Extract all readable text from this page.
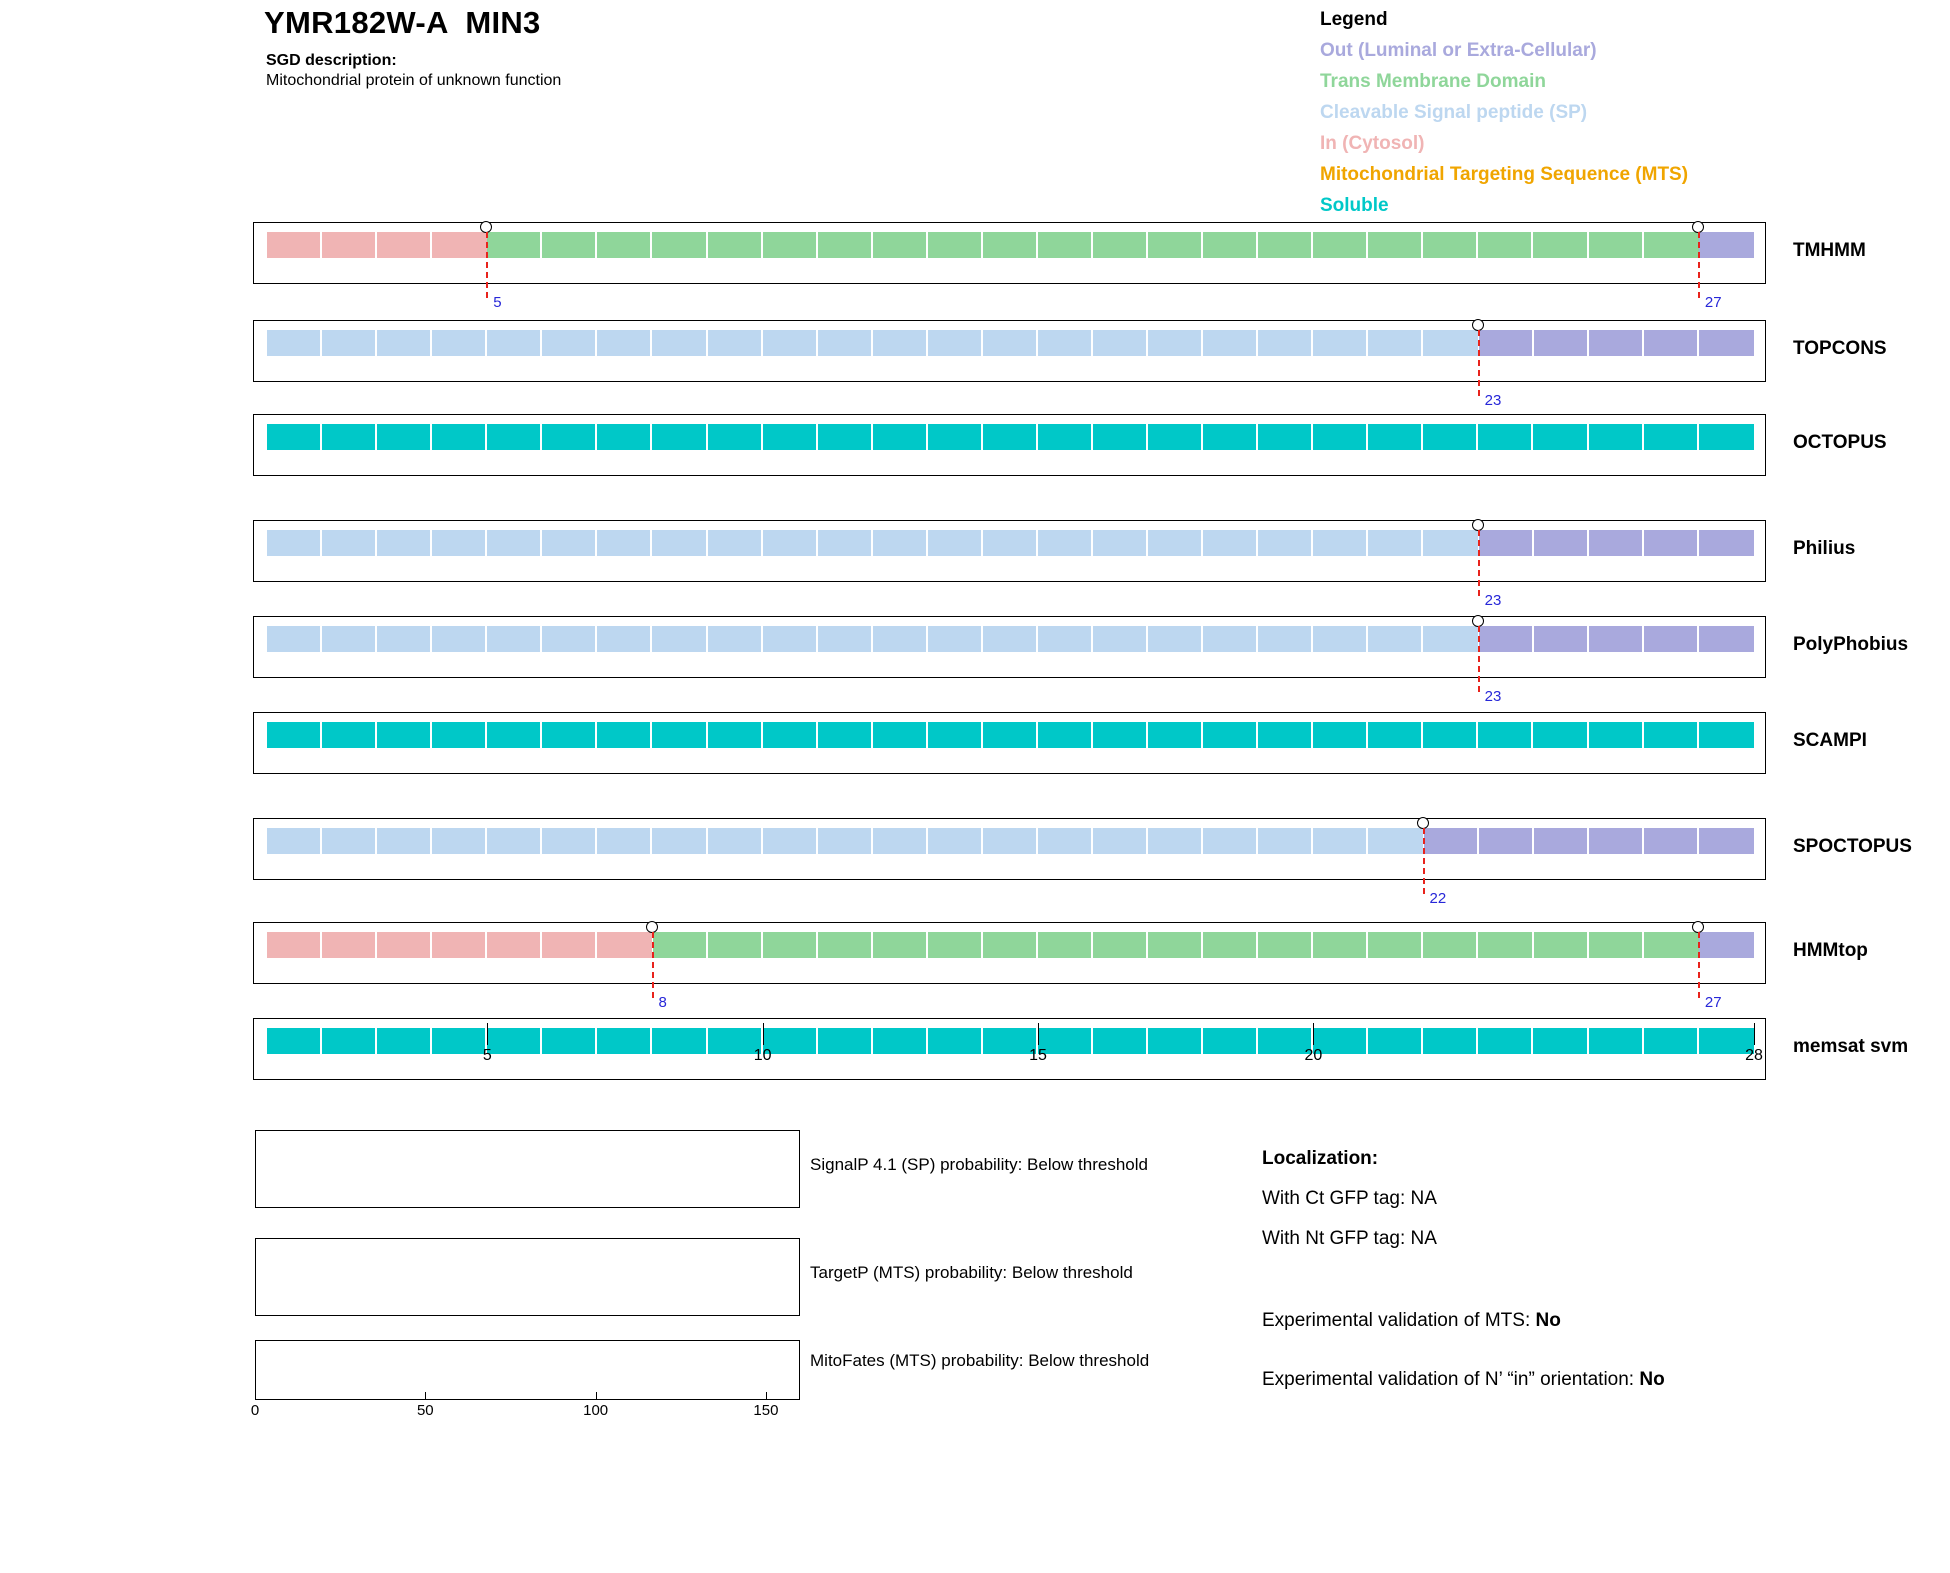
YMR182W-A  MIN3
SGD description:
Mitochondrial protein of unknown function
Legend
Out (Luminal or Extra-Cellular)
Trans Membrane Domain
Cleavable Signal peptide (SP)
In (Cytosol)
Mitochondrial Targeting Sequence (MTS)
Soluble
5	27
TMHMM
23
TOPCONS
OCTOPUS
23
Philius
23
PolyPhobius
SCAMPI
22
SPOCTOPUS
8	27
HMMtop
memsat svm
5	10	15	20	28
SignalP 4.1 (SP) probability: Below threshold
TargetP (MTS) probability: Below threshold
MitoFates (MTS) probability: Below threshold
0	50	100	150
Localization:
With Ct GFP tag: NA
With Nt GFP tag: NA
Experimental validation of MTS: No
Experimental validation of N’ “in” orientation: No
